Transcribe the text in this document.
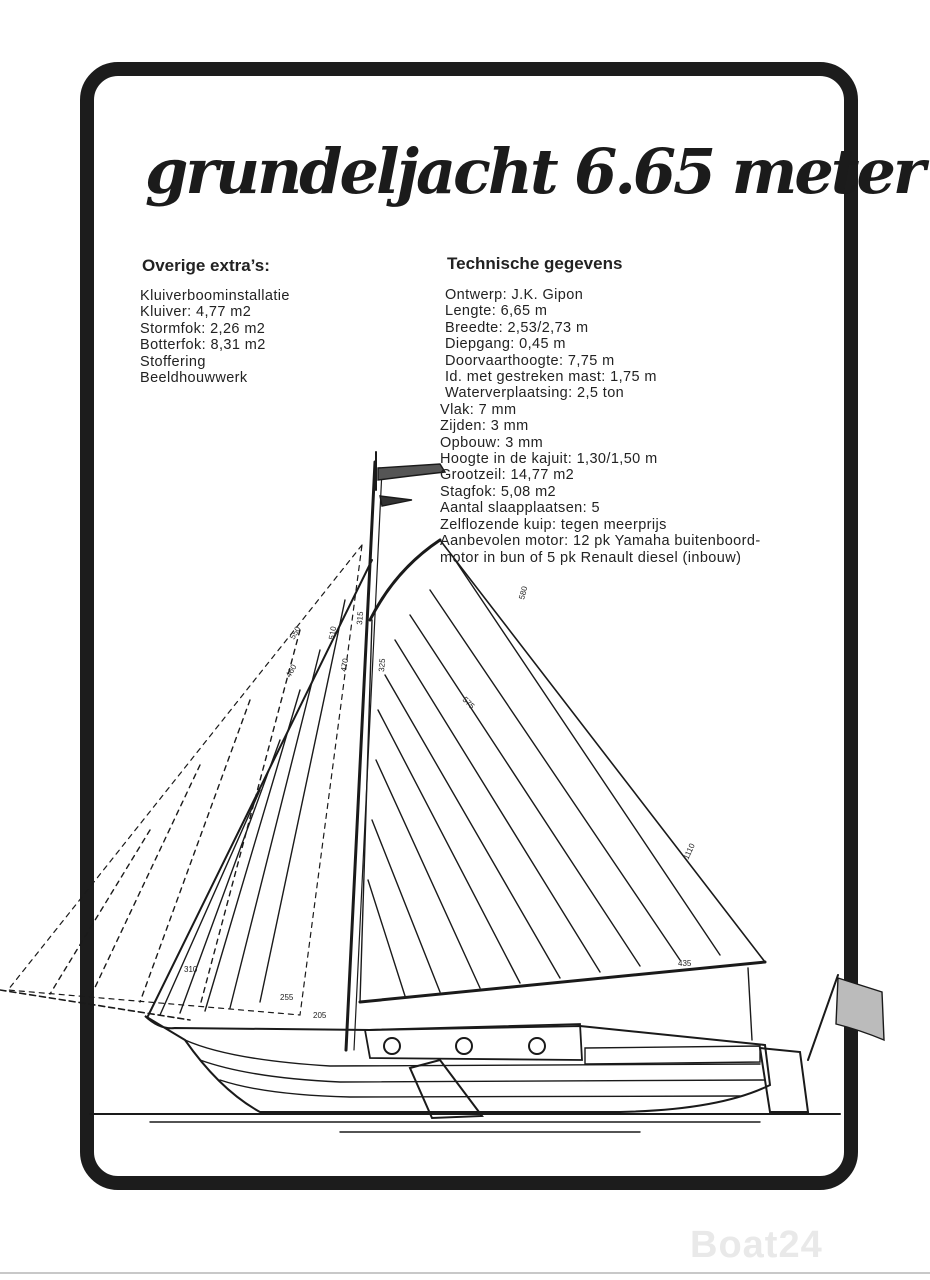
grundeljacht 6.65 meter
Overige extra’s:
Kluiverboominstallatie
Kluiver: 4,77 m2
Stormfok: 2,26 m2
Botterfok: 8,31 m2
Stoffering
Beeldhouwwerk
550
460
510
470
315
325
580
575
1110
435
205
255
310
Technische gegevens
Ontwerp: J.K. Gipon
Lengte: 6,65 m
Breedte: 2,53/2,73 m
Diepgang: 0,45 m
Doorvaarthoogte: 7,75 m
Id. met gestreken mast: 1,75 m
Waterverplaatsing: 2,5 ton
Vlak: 7 mm
Zijden: 3 mm
Opbouw: 3 mm
Hoogte in de kajuit: 1,30/1,50 m
Grootzeil: 14,77 m2
Stagfok: 5,08 m2
Aantal slaapplaatsen: 5
Zelflozende kuip: tegen meerprijs
Aanbevolen motor: 12 pk Yamaha buitenboord-
motor in bun of 5 pk Renault diesel (inbouw)
Boat24
